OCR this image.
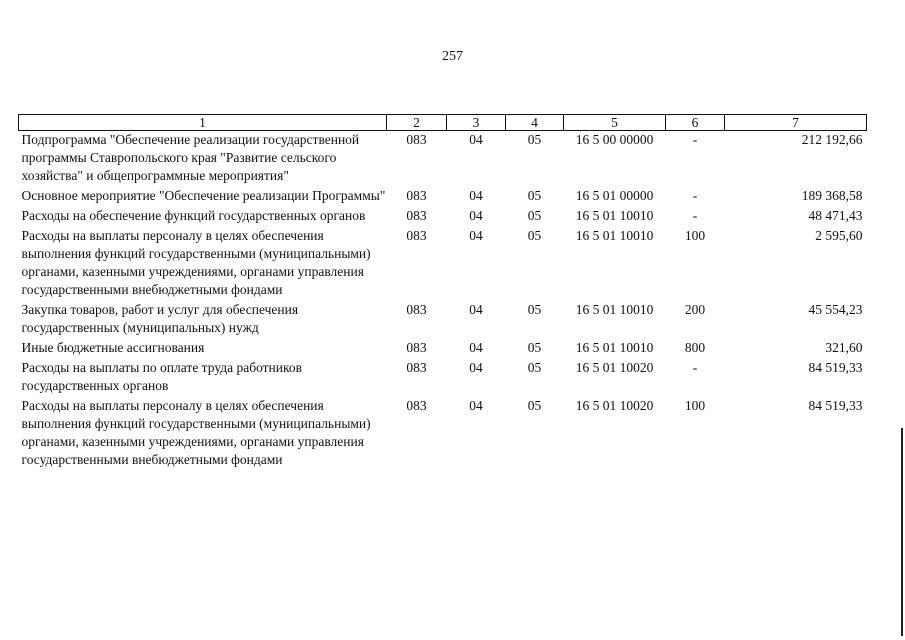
257
1	2	3	4	5	6	7
Подпрограмма "Обеспечение реализации государственной программы Ставропольского края "Развитие сельского хозяйства" и общепрограммные мероприятия"	083	04	05	16 5 00 00000	-	212 192,66
Основное мероприятие "Обеспечение реализации Программы"	083	04	05	16 5 01 00000	-	189 368,58
Расходы на обеспечение функций государственных органов	083	04	05	16 5 01 10010	-	48 471,43
Расходы на выплаты персоналу в целях обеспечения выполнения функций государственными (муниципальными) органами, казенными учреждениями, органами управления государственными внебюджетными фондами	083	04	05	16 5 01 10010	100	2 595,60
Закупка товаров, работ и услуг для обеспечения государственных (муниципальных) нужд	083	04	05	16 5 01 10010	200	45 554,23
Иные бюджетные ассигнования	083	04	05	16 5 01 10010	800	321,60
Расходы на выплаты по оплате труда работников государственных органов	083	04	05	16 5 01 10020	-	84 519,33
Расходы на выплаты персоналу в целях обеспечения выполнения функций государственными (муниципальными) органами, казенными учреждениями, органами управления государственными внебюджетными фондами	083	04	05	16 5 01 10020	100	84 519,33
